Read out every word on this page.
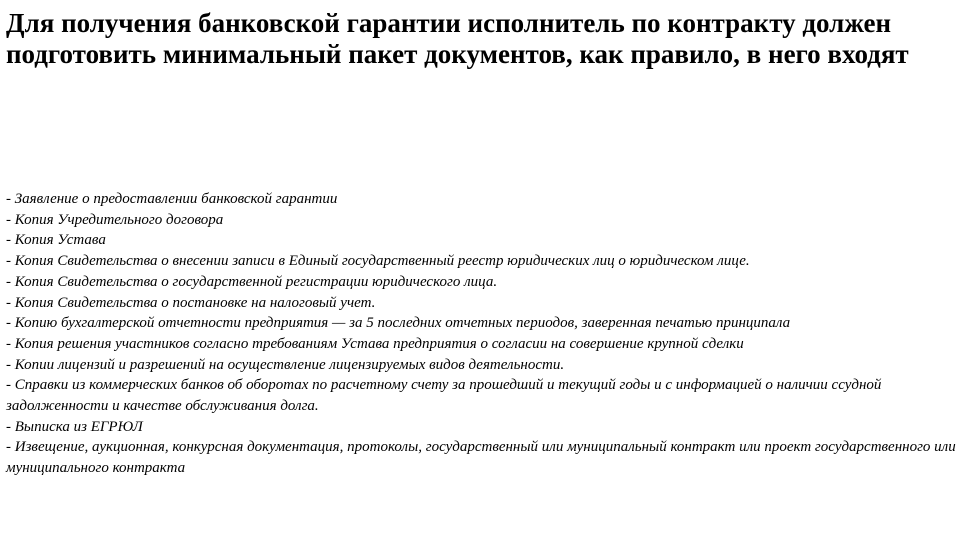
Для получения банковской гарантии исполнитель по контракту должен подготовить минимальный пакет документов, как правило, в него входят
- Заявление о предоставлении банковской гарантии
- Копия Учредительного договора
- Копия Устава
- Копия Свидетельства о внесении записи в Единый государственный реестр юридических лиц о юридическом лице.
- Копия Свидетельства о государственной регистрации юридического лица.
- Копия Свидетельства о постановке на налоговый учет.
- Копию бухгалтерской отчетности предприятия — за 5 последних отчетных периодов, заверенная печатью принципала
- Копия решения участников согласно требованиям Устава предприятия о согласии на совершение крупной сделки
- Копии лицензий и разрешений на осуществление лицензируемых видов деятельности.
- Справки из коммерческих банков об оборотах по расчетному счету за прошедший и текущий годы и с информацией о наличии ссудной задолженности и качестве обслуживания долга.
- Выписка из ЕГРЮЛ
- Извещение, аукционная, конкурсная документация, протоколы, государственный или муниципальный контракт или проект государственного или муниципального контракта
